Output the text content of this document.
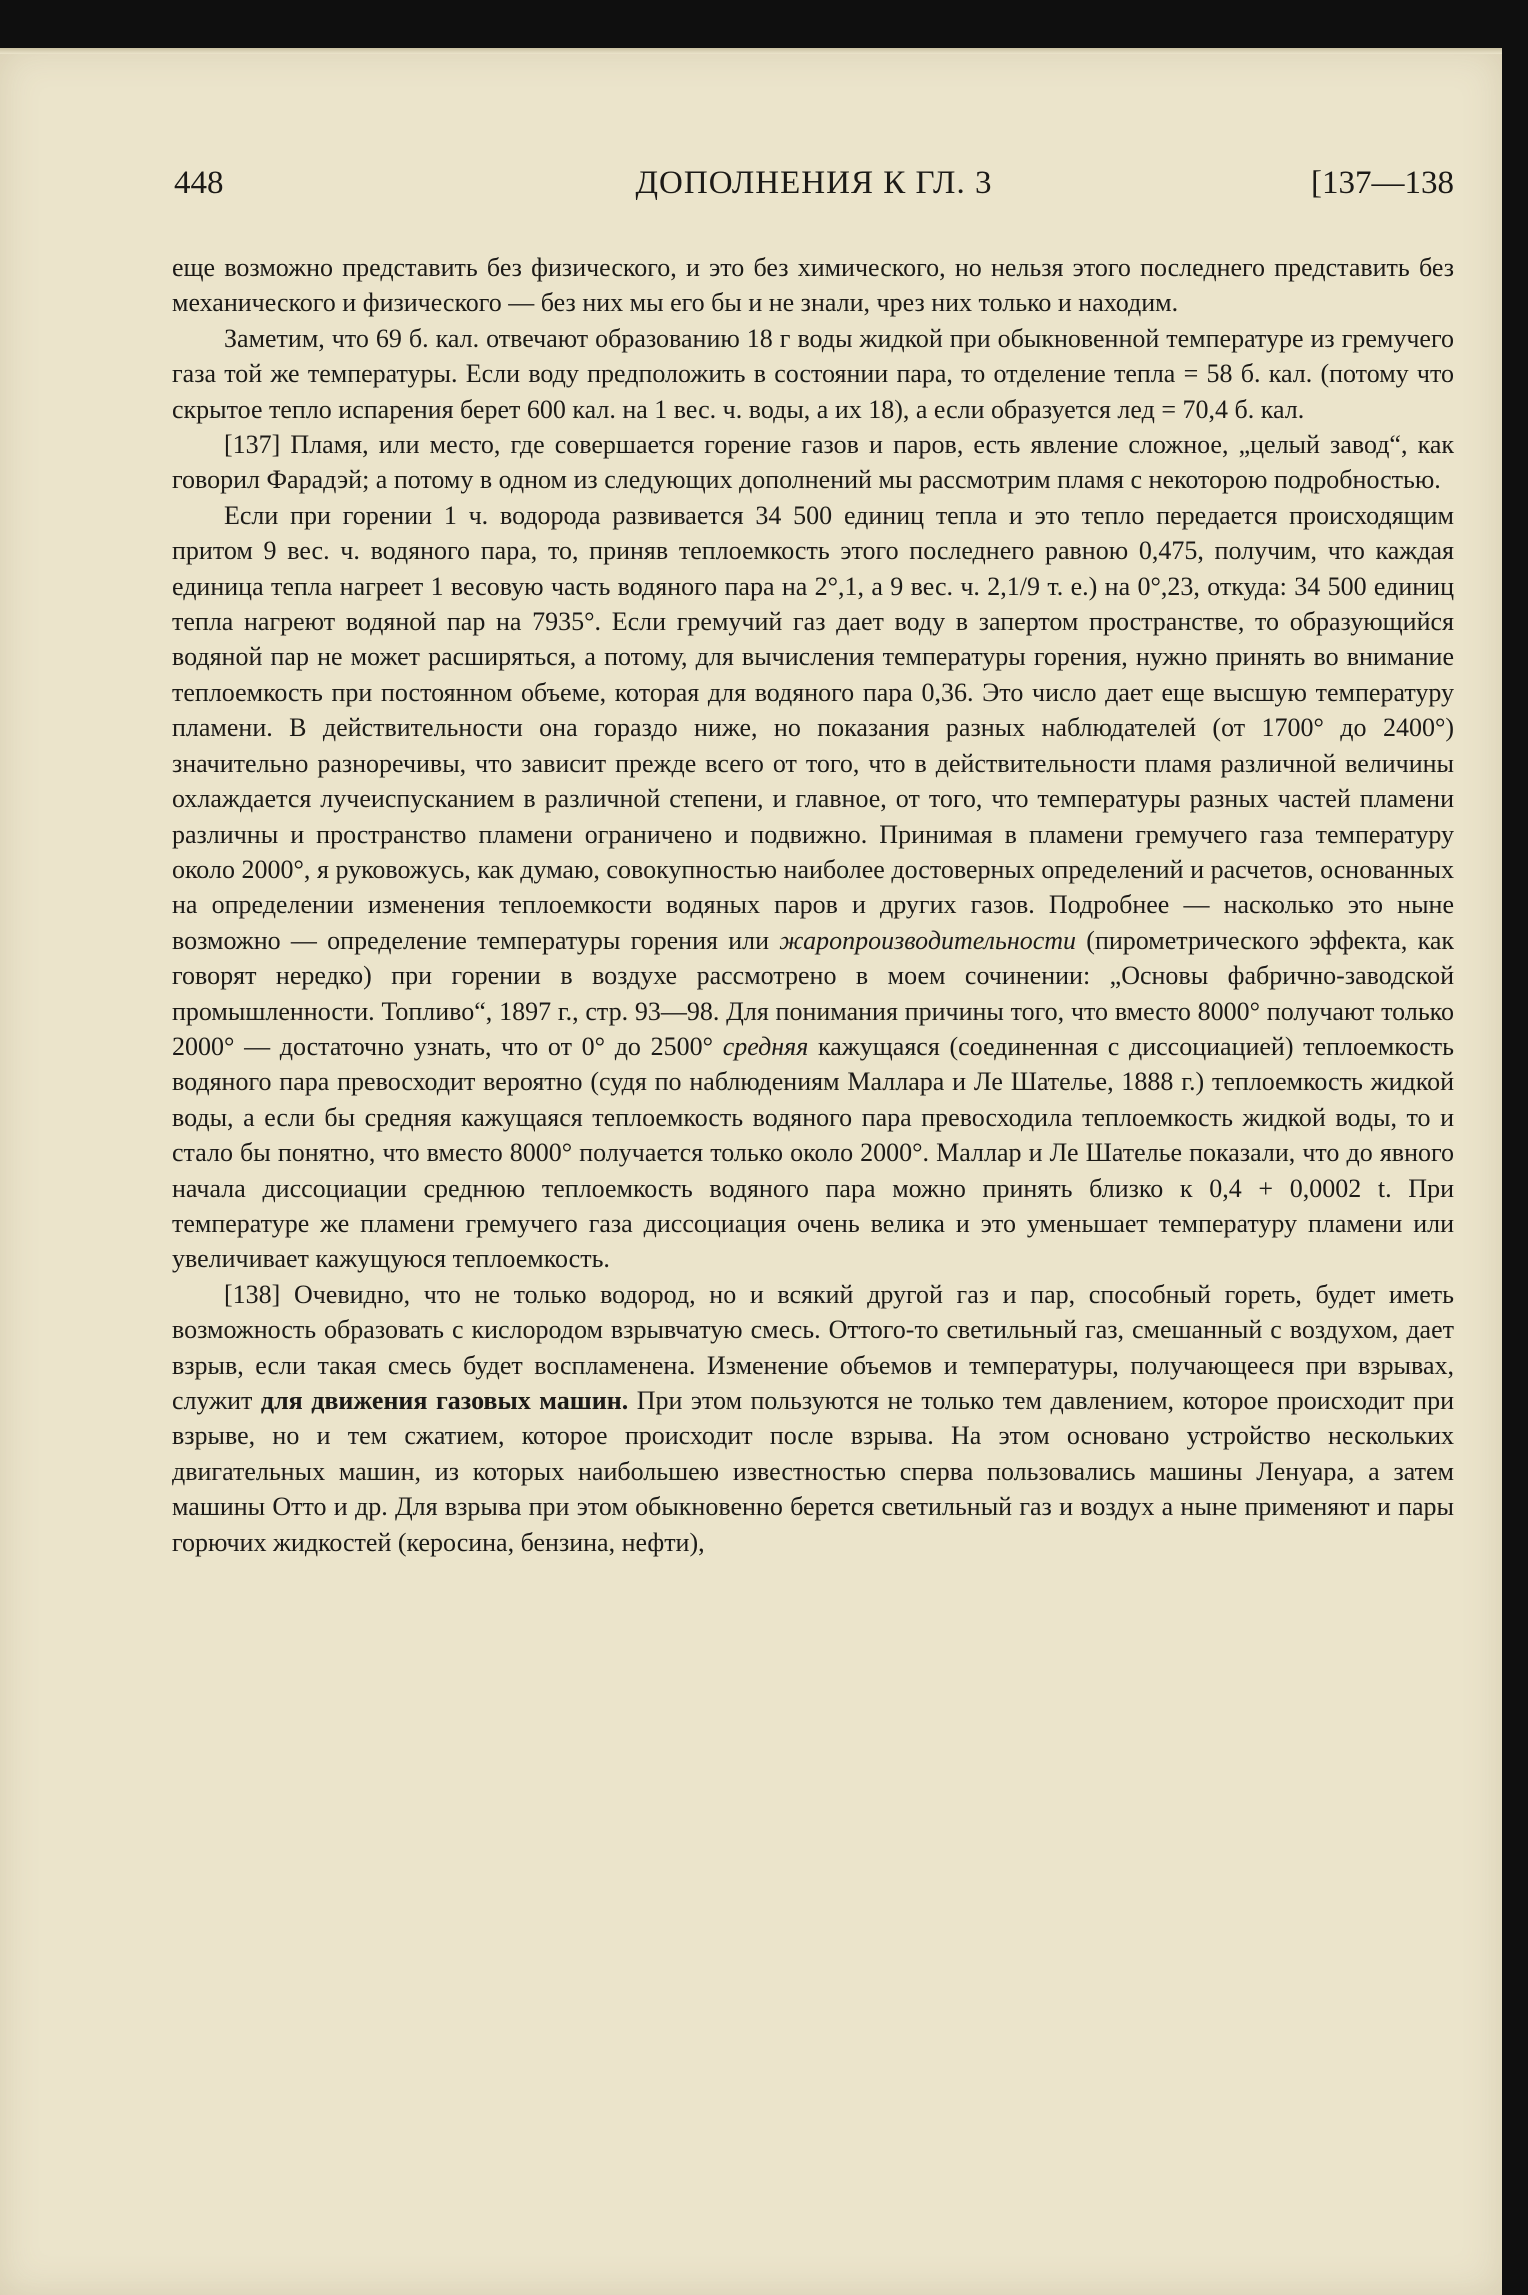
448	ДОПОЛНЕНИЯ К ГЛ. 3	[137—138

еще возможно представить без физического, и это без химического, но нельзя этого последнего представить без механического и физического — без них мы его бы и не знали, чрез них только и находим.

Заметим, что 69 б. кал. отвечают образованию 18 г воды жидкой при обыкновенной температуре из гремучего газа той же температуры. Если воду предположить в состоянии пара, то отделение тепла = 58 б. кал. (потому что скрытое тепло испарения берет 600 кал. на 1 вес. ч. воды, а их 18), а если образуется лед = 70,4 б. кал.

[137] Пламя, или место, где совершается горение газов и паров, есть явление сложное, „целый завод“, как говорил Фарадэй; а потому в одном из следующих дополнений мы рассмотрим пламя с некоторою подробностью.

Если при горении 1 ч. водорода развивается 34 500 единиц тепла и это тепло передается происходящим притом 9 вес. ч. водяного пара, то, приняв теплоемкость этого последнего равною 0,475, получим, что каждая единица тепла нагреет 1 весовую часть водяного пара на 2°,1, а 9 вес. ч. 2,1/9 т. е.) на 0°,23, откуда: 34 500 единиц тепла нагреют водяной пар на 7935°. Если гремучий газ дает воду в запертом пространстве, то образующийся водяной пар не может расширяться, а потому, для вычисления температуры горения, нужно принять во внимание теплоемкость при постоянном объеме, которая для водяного пара 0,36. Это число дает еще высшую температуру пламени. В действительности она гораздо ниже, но показания разных наблюдателей (от 1700° до 2400°) значительно разноречивы, что зависит прежде всего от того, что в действительности пламя различной величины охлаждается лучеиспусканием в различной степени, и главное, от того, что температуры разных частей пламени различны и пространство пламени ограничено и подвижно. Принимая в пламени гремучего газа температуру около 2000°, я руковожусь, как думаю, совокупностью наиболее достоверных определений и расчетов, основанных на определении изменения теплоемкости водяных паров и других газов. Подробнее — насколько это ныне возможно — определение температуры горения или жаропроизводительности (пирометрического эффекта, как говорят нередко) при горении в воздухе рассмотрено в моем сочинении: „Основы фабрично-заводской промышленности. Топливо“, 1897 г., стр. 93—98. Для понимания причины того, что вместо 8000° получают только 2000° — достаточно узнать, что от 0° до 2500° средняя кажущаяся (соединенная с диссоциацией) теплоемкость водяного пара превосходит вероятно (судя по наблюдениям Маллара и Ле Шателье, 1888 г.) теплоемкость жидкой воды, а если бы средняя кажущаяся теплоемкость водяного пара превосходила теплоемкость жидкой воды, то и стало бы понятно, что вместо 8000° получается только около 2000°. Маллар и Ле Шателье показали, что до явного начала диссоциации среднюю теплоемкость водяного пара можно принять близко к 0,4 + 0,0002 t. При температуре же пламени гремучего газа диссоциация очень велика и это уменьшает температуру пламени или увеличивает кажущуюся теплоемкость.

[138] Очевидно, что не только водород, но и всякий другой газ и пар, способный гореть, будет иметь возможность образовать с кислородом взрывчатую смесь. Оттого-то светильный газ, смешанный с воздухом, дает взрыв, если такая смесь будет воспламенена. Изменение объемов и температуры, получающееся при взрывах, служит для движения газовых машин. При этом пользуются не только тем давлением, которое происходит при взрыве, но и тем сжатием, которое происходит после взрыва. На этом основано устройство нескольких двигательных машин, из которых наибольшею известностью сперва пользовались машины Ленуара, а затем машины Отто и др. Для взрыва при этом обыкновенно берется светильный газ и воздух а ныне применяют и пары горючих жидкостей (керосина, бензина, нефти),
